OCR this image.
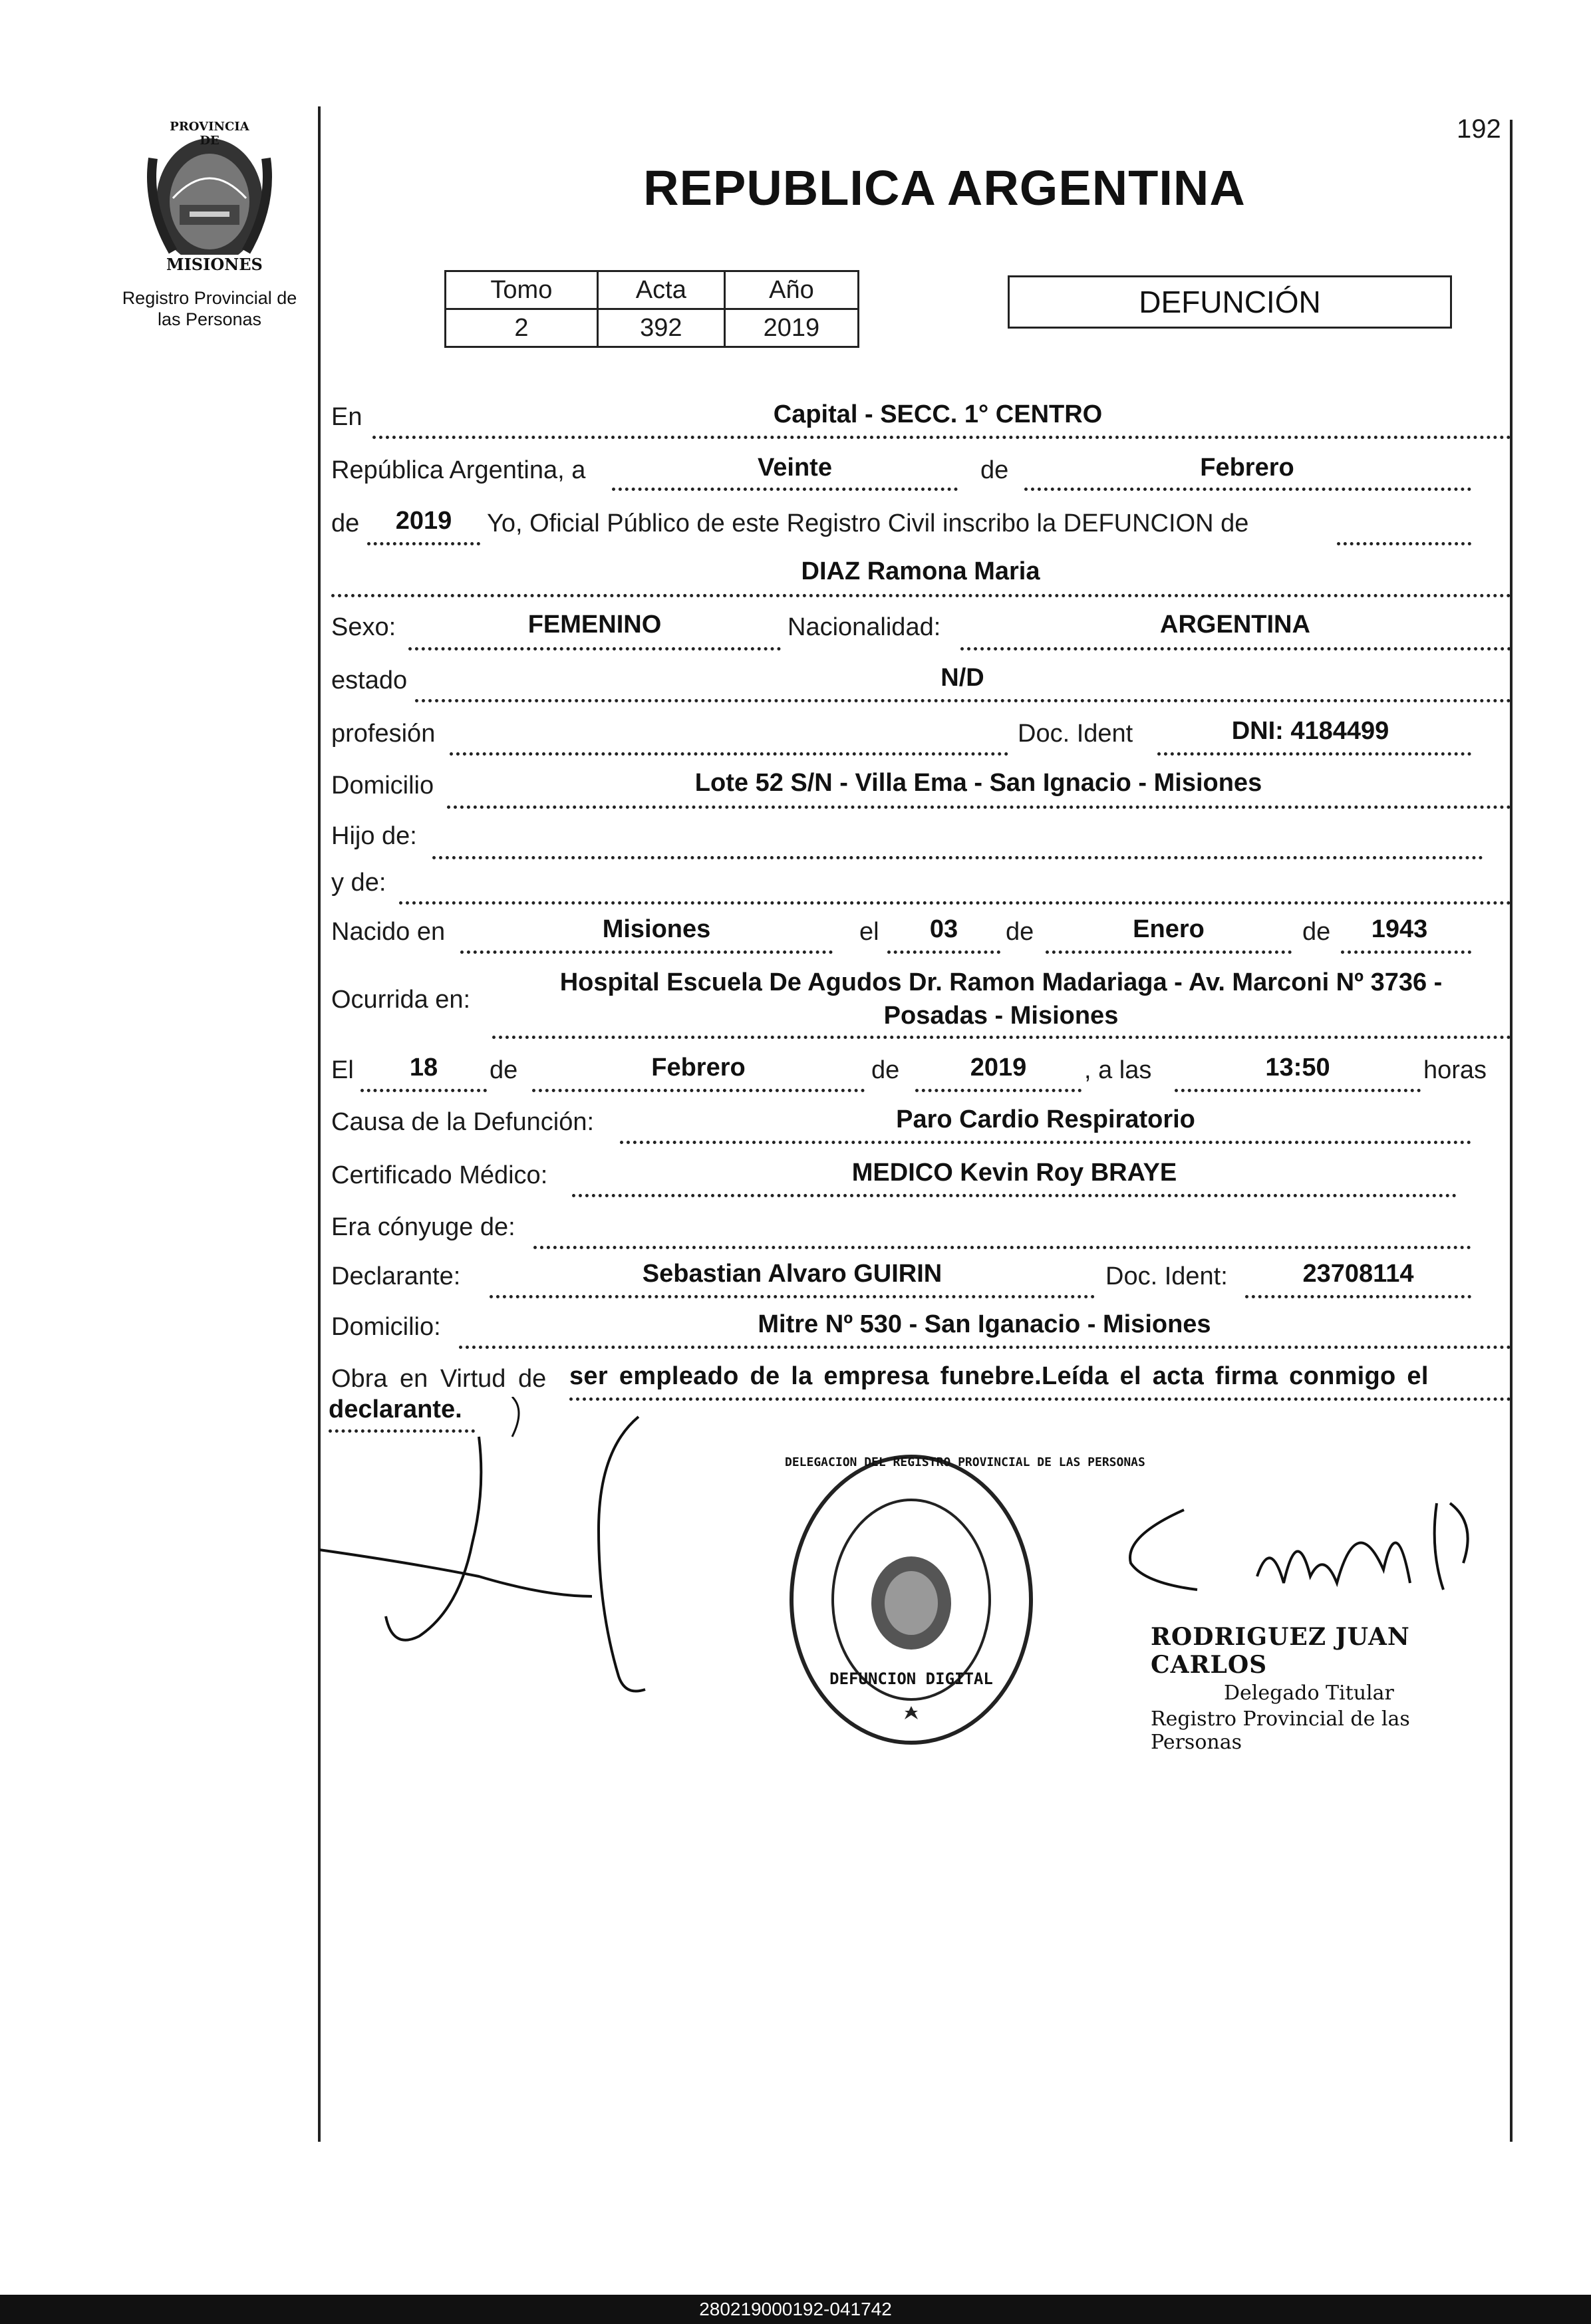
192
PROVINCIA DE
MISIONES
Registro Provincial de
las Personas
REPUBLICA ARGENTINA
Tomo	Acta	Año
2	392	2019
DEFUNCIÓN
En	Capital - SECC. 1° CENTRO
República Argentina, a	Veinte	de	Febrero
de	2019	Yo, Oficial Público de este Registro Civil inscribo la DEFUNCION de
DIAZ Ramona Maria
Sexo:	FEMENINO	Nacionalidad:	ARGENTINA
estado	N/D
profesión	Doc. Ident	DNI: 4184499
Domicilio	Lote 52 S/N - Villa Ema - San Ignacio - Misiones
Hijo de:
y de:
Nacido en	Misiones	el	03	de	Enero	de	1943
Ocurrida en:
Hospital Escuela De Agudos Dr. Ramon Madariaga - Av. Marconi Nº 3736 -
Posadas - Misiones
El	18	de	Febrero	de	2019	, a las	13:50	horas
Causa de la Defunción:	Paro Cardio Respiratorio
Certificado Médico:	MEDICO Kevin Roy BRAYE
Era cónyuge de:
Declarante:	Sebastian Alvaro GUIRIN	Doc. Ident:	23708114
Domicilio:	Mitre Nº 530 - San Iganacio - Misiones
Obra en Virtud de ser empleado de la empresa funebre.Leída el acta firma conmigo el
declarante.
DELEGACION DEL REGISTRO PROVINCIAL DE LAS PERSONAS
DEFUNCION DIGITAL
RODRIGUEZ JUAN CARLOS
Delegado Titular
Registro Provincial de las Personas
280219000192-041742
